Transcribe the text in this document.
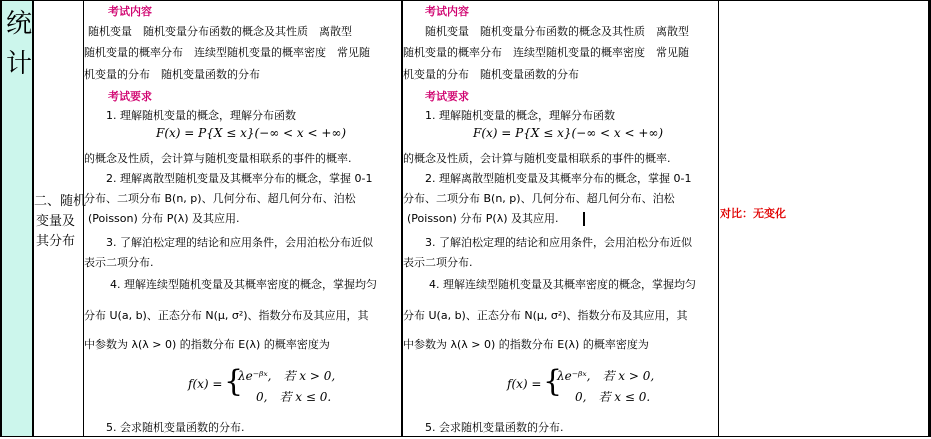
统
计
二、随机
变量及
其分布
考试内容
随机变量　随机变量分布函数的概念及其性质　离散型
随机变量的概率分布　连续型随机变量的概率密度　常见随
机变量的分布　随机变量函数的分布
考试要求
1. 理解随机变量的概念，理解分布函数
F(x) = P{X ≤ x}(−∞ < x < +∞)
的概念及性质，会计算与随机变量相联系的事件的概率.
2. 理解离散型随机变量及其概率分布的概念，掌握 0-1
分布、二项分布 B(n, p)、几何分布、超几何分布、泊松
(Poisson) 分布 P(λ) 及其应用.
3. 了解泊松定理的结论和应用条件，会用泊松分布近似
表示二项分布.
4. 理解连续型随机变量及其概率密度的概念，掌握均匀
分布 U(a, b)、正态分布 N(μ, σ²)、指数分布及其应用，其
中参数为 λ(λ > 0) 的指数分布 E(λ) 的概率密度为
f(x) = {
λe⁻ᵝˣ,　若 x > 0,
0,　若 x ≤ 0.
5. 会求随机变量函数的分布.
考试内容
随机变量　随机变量分布函数的概念及其性质　离散型
随机变量的概率分布　连续型随机变量的概率密度　常见随
机变量的分布　随机变量函数的分布
考试要求
1. 理解随机变量的概念，理解分布函数
F(x) = P{X ≤ x}(−∞ < x < +∞)
的概念及性质，会计算与随机变量相联系的事件的概率.
2. 理解离散型随机变量及其概率分布的概念，掌握 0-1
分布、二项分布 B(n, p)、几何分布、超几何分布、泊松
(Poisson) 分布 P(λ) 及其应用.
3. 了解泊松定理的结论和应用条件，会用泊松分布近似
表示二项分布.
4. 理解连续型随机变量及其概率密度的概念，掌握均匀
分布 U(a, b)、正态分布 N(μ, σ²)、指数分布及其应用，其
中参数为 λ(λ > 0) 的指数分布 E(λ) 的概率密度为
f(x) = {
λe⁻ᵝˣ,　若 x > 0,
0,　若 x ≤ 0.
5. 会求随机变量函数的分布.
对比：无变化
